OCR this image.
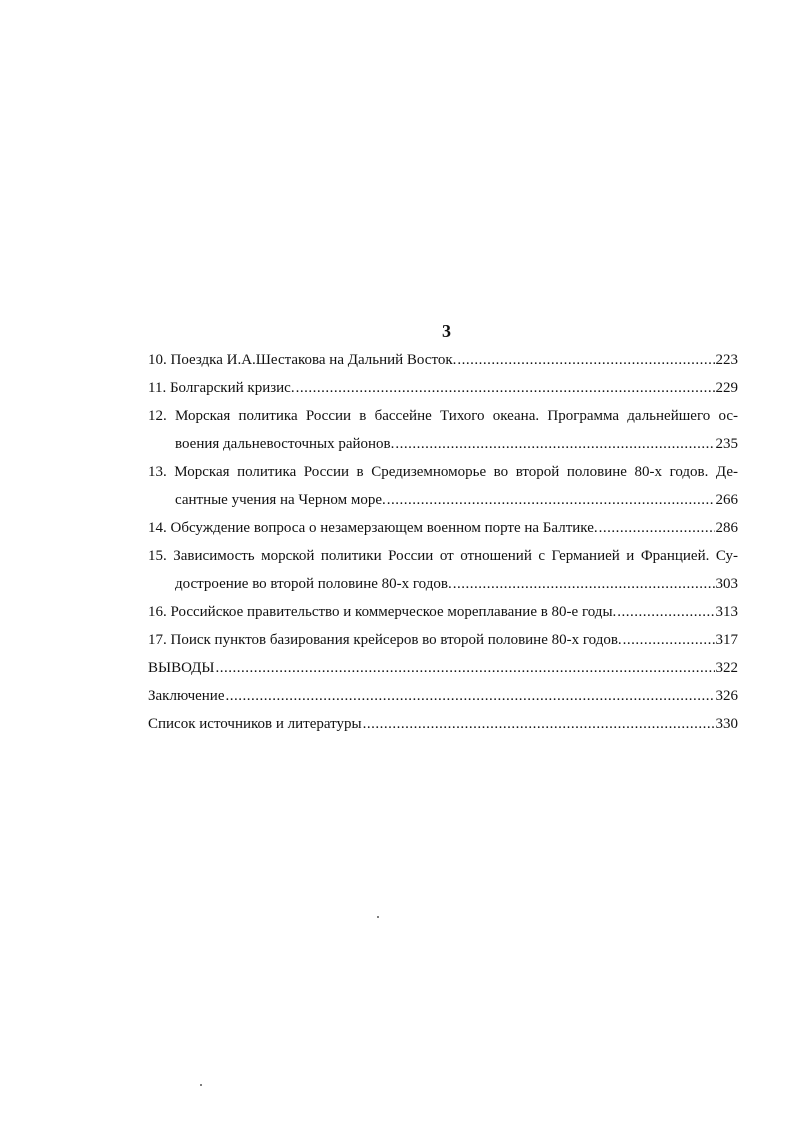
3
10. Поездка И.А.Шестакова на Дальний Восток. .....	223
11. Болгарский кризис. .....	229
12. Морская политика России в бассейне Тихого океана. Программа дальнейшего ос-
воения дальневосточных районов. .....	235
13. Морская политика России в Средиземноморье во второй половине 80-х годов. Де-
сантные учения на Черном море. .....	266
14. Обсуждение вопроса о незамерзающем военном порте на Балтике. .....	286
15. Зависимость морской политики России от отношений с Германией и Францией. Су-
достроение во второй половине 80-х годов. .....	303
16. Российское правительство и коммерческое мореплавание в 80-е годы. .....	313
17. Поиск пунктов базирования крейсеров во второй половине 80-х годов. .....	317
ВЫВОДЫ .....	322
Заключение .....	326
Список источников и литературы .....	330
